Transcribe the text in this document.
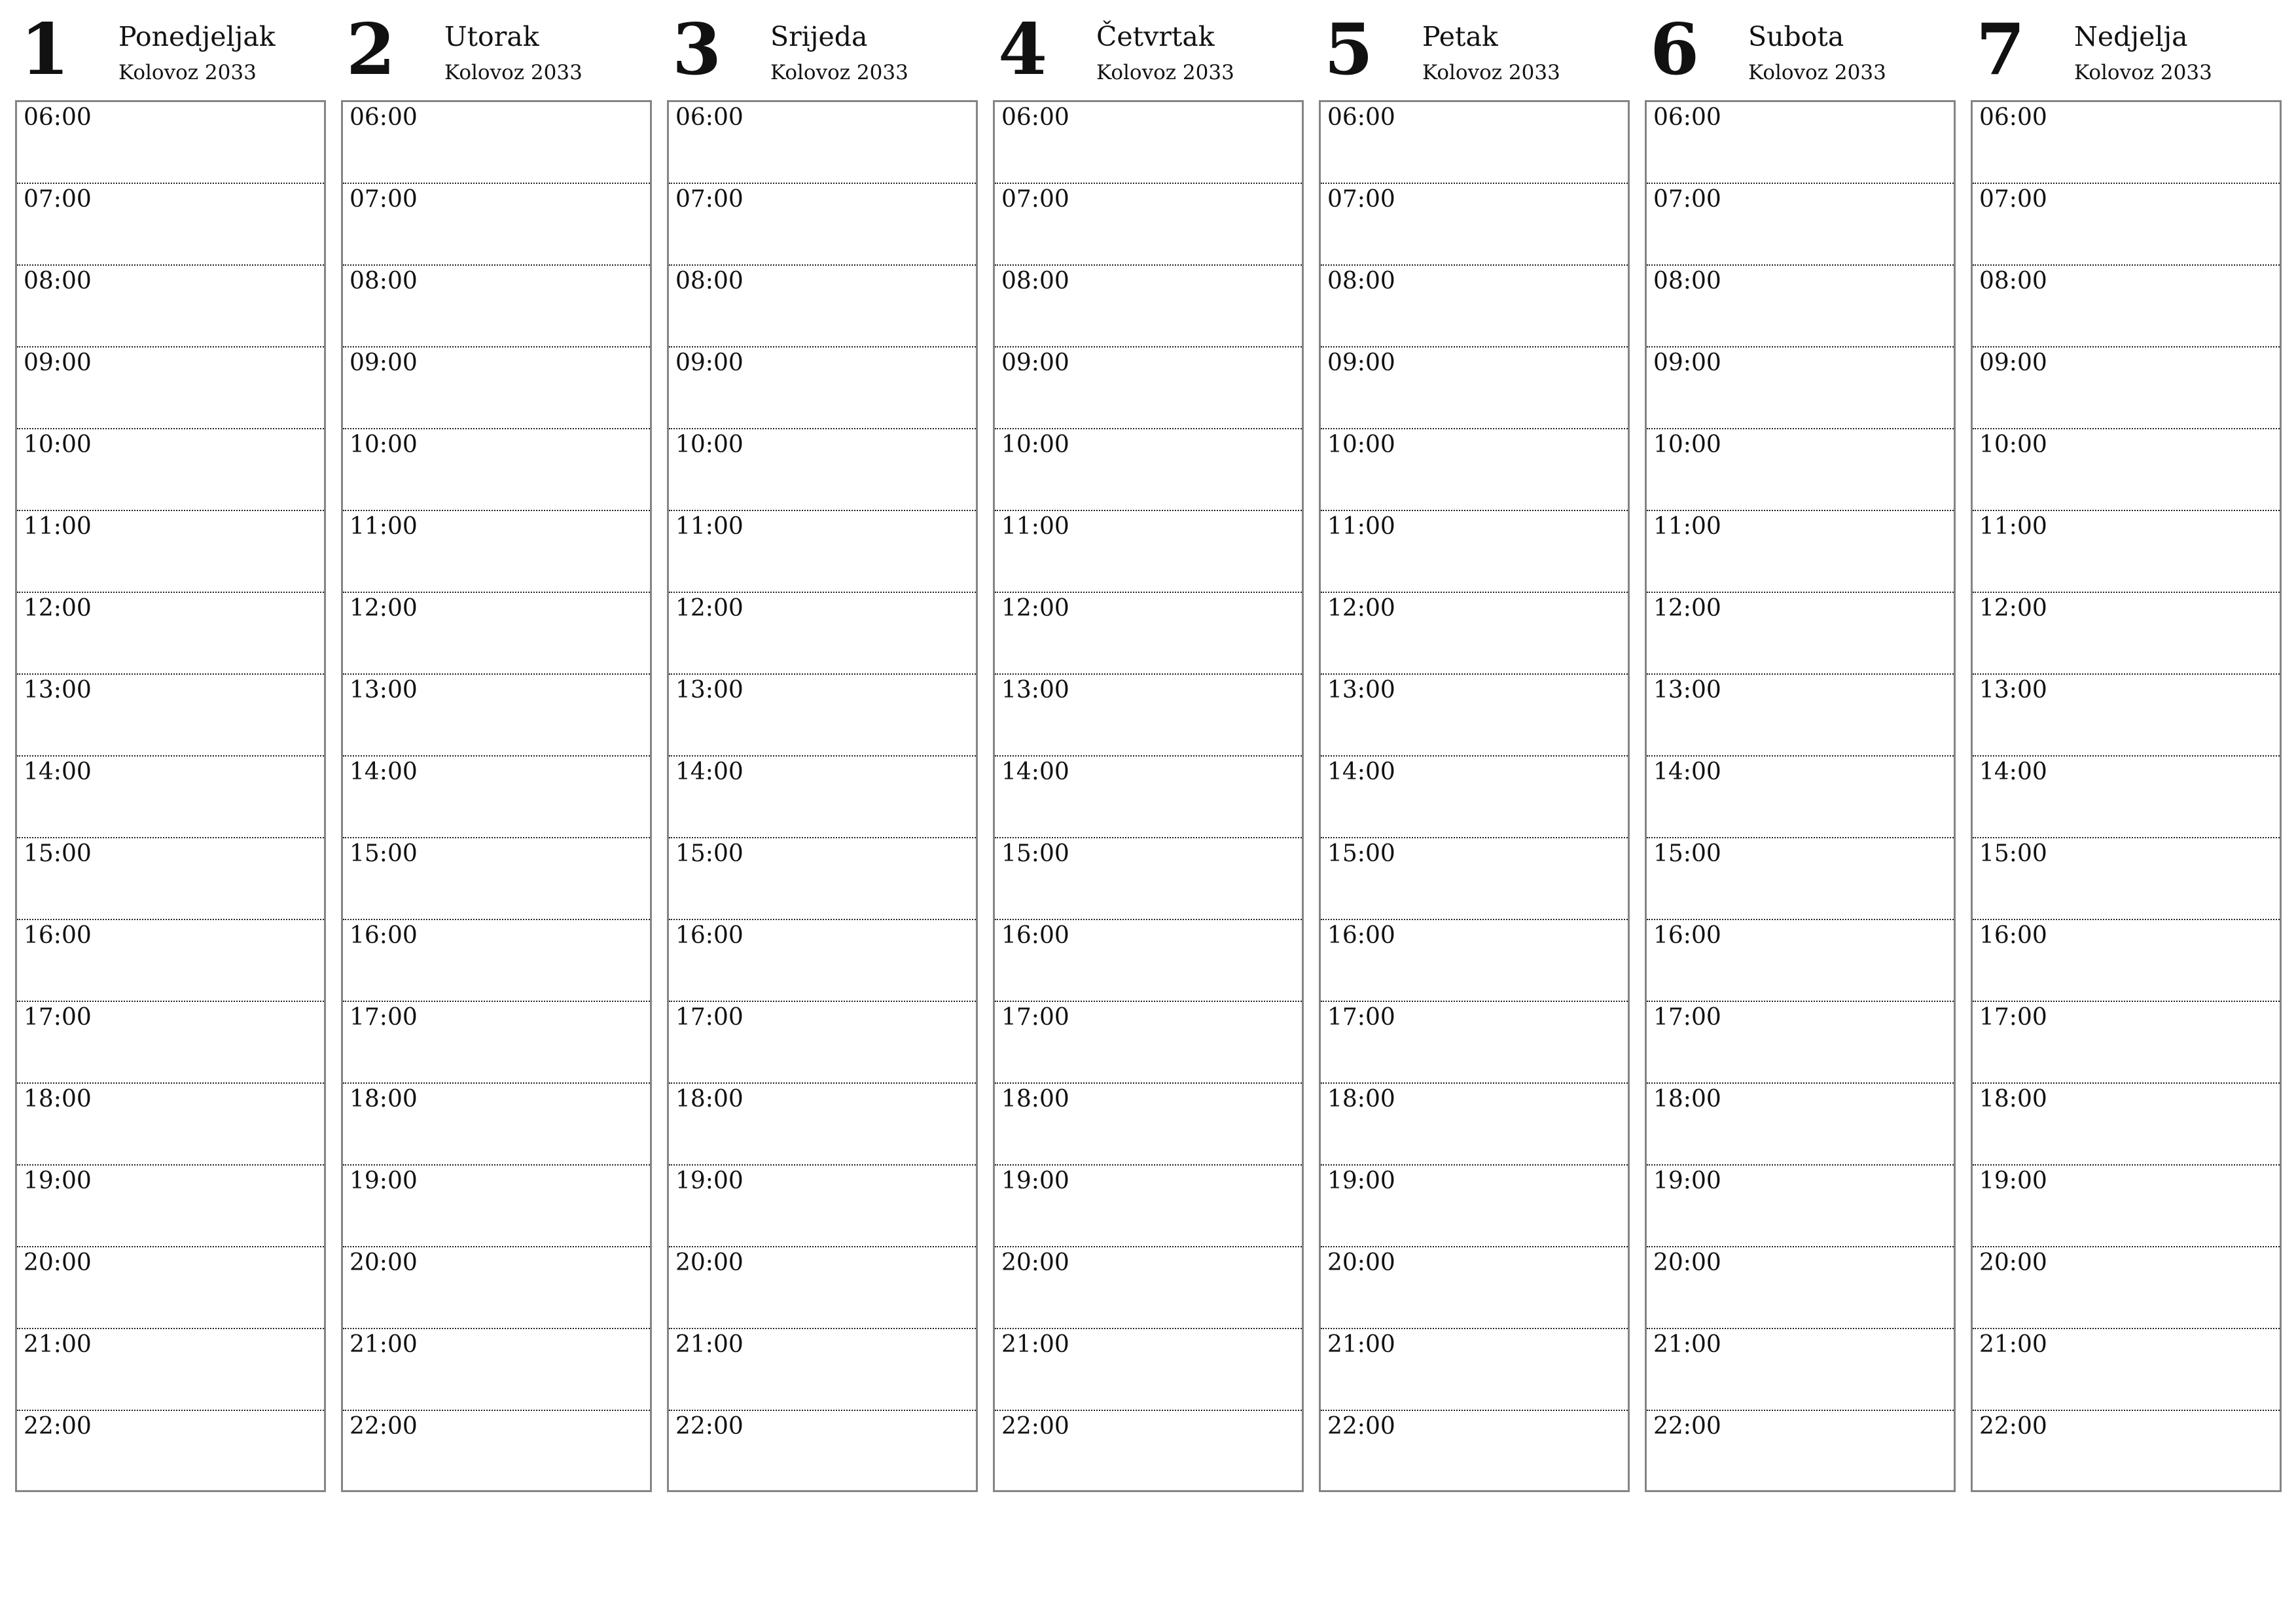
1 Ponedjeljak
Kolovoz 2033
06:00
07:00
08:00
09:00
10:00
11:00
12:00
13:00
14:00
15:00
16:00
17:00
18:00
19:00
20:00
21:00
22:00
2 Utorak
Kolovoz 2033
06:00
07:00
08:00
09:00
10:00
11:00
12:00
13:00
14:00
15:00
16:00
17:00
18:00
19:00
20:00
21:00
22:00
3 Srijeda
Kolovoz 2033
06:00
07:00
08:00
09:00
10:00
11:00
12:00
13:00
14:00
15:00
16:00
17:00
18:00
19:00
20:00
21:00
22:00
4 Četvrtak
Kolovoz 2033
06:00
07:00
08:00
09:00
10:00
11:00
12:00
13:00
14:00
15:00
16:00
17:00
18:00
19:00
20:00
21:00
22:00
5 Petak
Kolovoz 2033
06:00
07:00
08:00
09:00
10:00
11:00
12:00
13:00
14:00
15:00
16:00
17:00
18:00
19:00
20:00
21:00
22:00
6 Subota
Kolovoz 2033
06:00
07:00
08:00
09:00
10:00
11:00
12:00
13:00
14:00
15:00
16:00
17:00
18:00
19:00
20:00
21:00
22:00
7 Nedjelja
Kolovoz 2033
06:00
07:00
08:00
09:00
10:00
11:00
12:00
13:00
14:00
15:00
16:00
17:00
18:00
19:00
20:00
21:00
22:00
